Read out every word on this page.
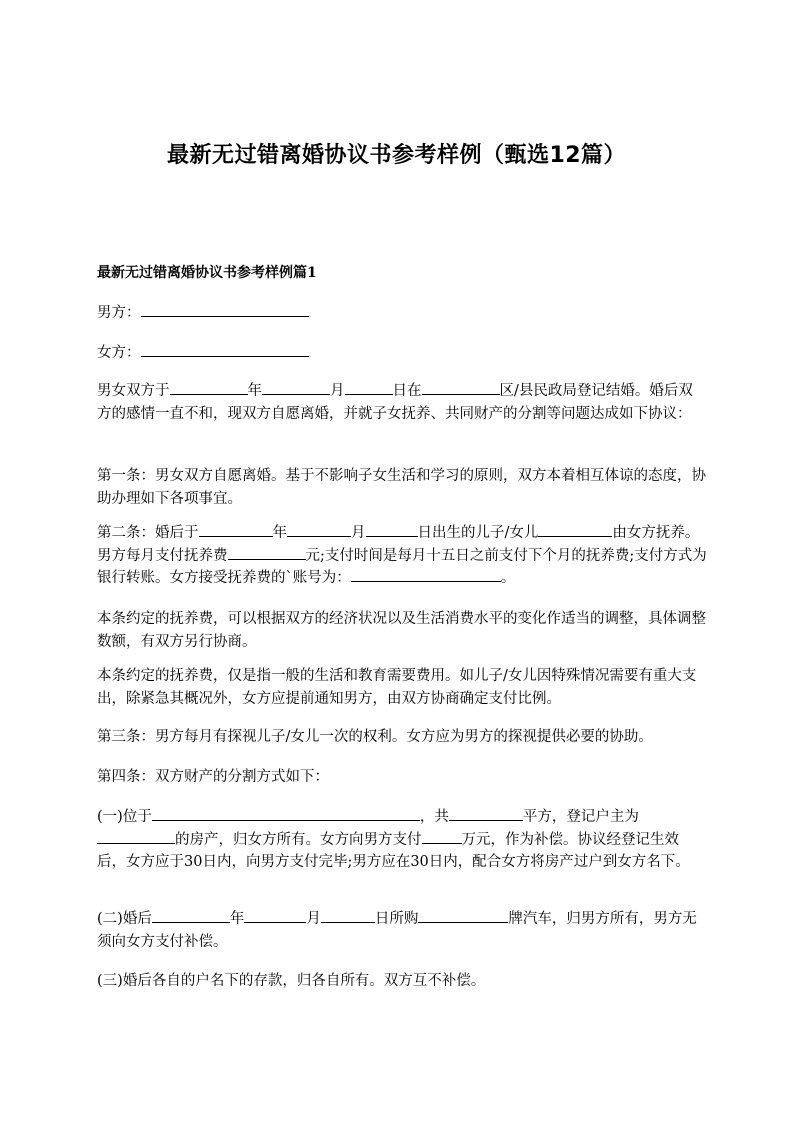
最新无过错离婚协议书参考样例（甄选12篇）
最新无过错离婚协议书参考样例篇1
男方：
女方：
男女双方于	年	月	日在	区/县民政局登记结婚。婚后双方的感情一直不和，现双方自愿离婚，并就子女抚养、共同财产的分割等问题达成如下协议：
第一条：男女双方自愿离婚。基于不影响子女生活和学习的原则，双方本着相互体谅的态度，协助办理如下各项事宜。
第二条：婚后于	年	月	日出生的儿子/女儿	由女方抚养。男方每月支付抚养费	元;支付时间是每月十五日之前支付下个月的抚养费;支付方式为银行转账。女方接受抚养费的`账号为：	。
本条约定的抚养费，可以根据双方的经济状况以及生活消费水平的变化作适当的调整，具体调整数额，有双方另行协商。
本条约定的抚养费，仅是指一般的生活和教育需要费用。如儿子/女儿因特殊情况需要有重大支出，除紧急其概况外，女方应提前通知男方，由双方协商确定支付比例。
第三条：男方每月有探视儿子/女儿一次的权利。女方应为男方的探视提供必要的协助。
第四条：双方财产的分割方式如下：
(一)位于	，共	平方，登记户主为的房产，归女方所有。女方向男方支付	万元，作为补偿。协议经登记生效后，女方应于30日内，向男方支付完毕;男方应在30日内，配合女方将房产过户到女方名下。
(二)婚后	年	月	日所购	牌汽车，归男方所有，男方无须向女方支付补偿。
(三)婚后各自的户名下的存款，归各自所有。双方互不补偿。
